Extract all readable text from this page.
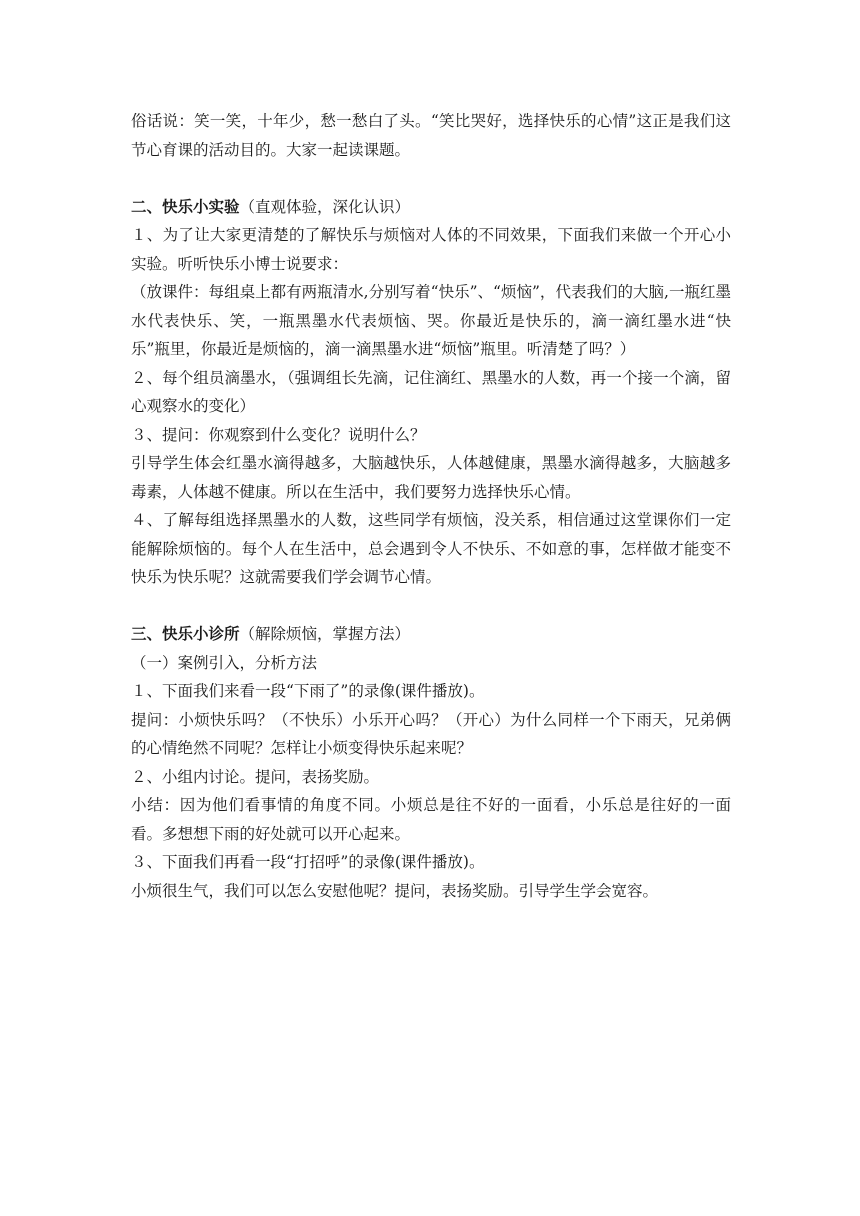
俗话说：笑一笑，十年少，愁一愁白了头。“笑比哭好，选择快乐的心情”这正是我们这节心育课的活动目的。大家一起读课题。

二、快乐小实验（直观体验，深化认识）

１、为了让大家更清楚的了解快乐与烦恼对人体的不同效果，下面我们来做一个开心小实验。听听快乐小博士说要求：

（放课件：每组桌上都有两瓶清水,分别写着“快乐”、“烦恼”，代表我们的大脑,一瓶红墨水代表快乐、笑，一瓶黑墨水代表烦恼、哭。你最近是快乐的，滴一滴红墨水进“快乐”瓶里，你最近是烦恼的，滴一滴黑墨水进“烦恼”瓶里。听清楚了吗？）

２、每个组员滴墨水，（强调组长先滴，记住滴红、黑墨水的人数，再一个接一个滴，留心观察水的变化）

３、提问：你观察到什么变化？说明什么？

引导学生体会红墨水滴得越多，大脑越快乐，人体越健康，黑墨水滴得越多，大脑越多毒素，人体越不健康。所以在生活中，我们要努力选择快乐心情。

４、了解每组选择黑墨水的人数，这些同学有烦恼，没关系，相信通过这堂课你们一定能解除烦恼的。每个人在生活中，总会遇到令人不快乐、不如意的事，怎样做才能变不快乐为快乐呢？这就需要我们学会调节心情。

三、快乐小诊所（解除烦恼，掌握方法）

（一）案例引入，分析方法

１、下面我们来看一段“下雨了”的录像(课件播放)。

提问：小烦快乐吗？（不快乐）小乐开心吗？（开心）为什么同样一个下雨天，兄弟俩的心情绝然不同呢？怎样让小烦变得快乐起来呢？

２、小组内讨论。提问，表扬奖励。

小结：因为他们看事情的角度不同。小烦总是往不好的一面看，小乐总是往好的一面看。多想想下雨的好处就可以开心起来。

３、下面我们再看一段“打招呼”的录像(课件播放)。

小烦很生气，我们可以怎么安慰他呢？提问，表扬奖励。引导学生学会宽容。
